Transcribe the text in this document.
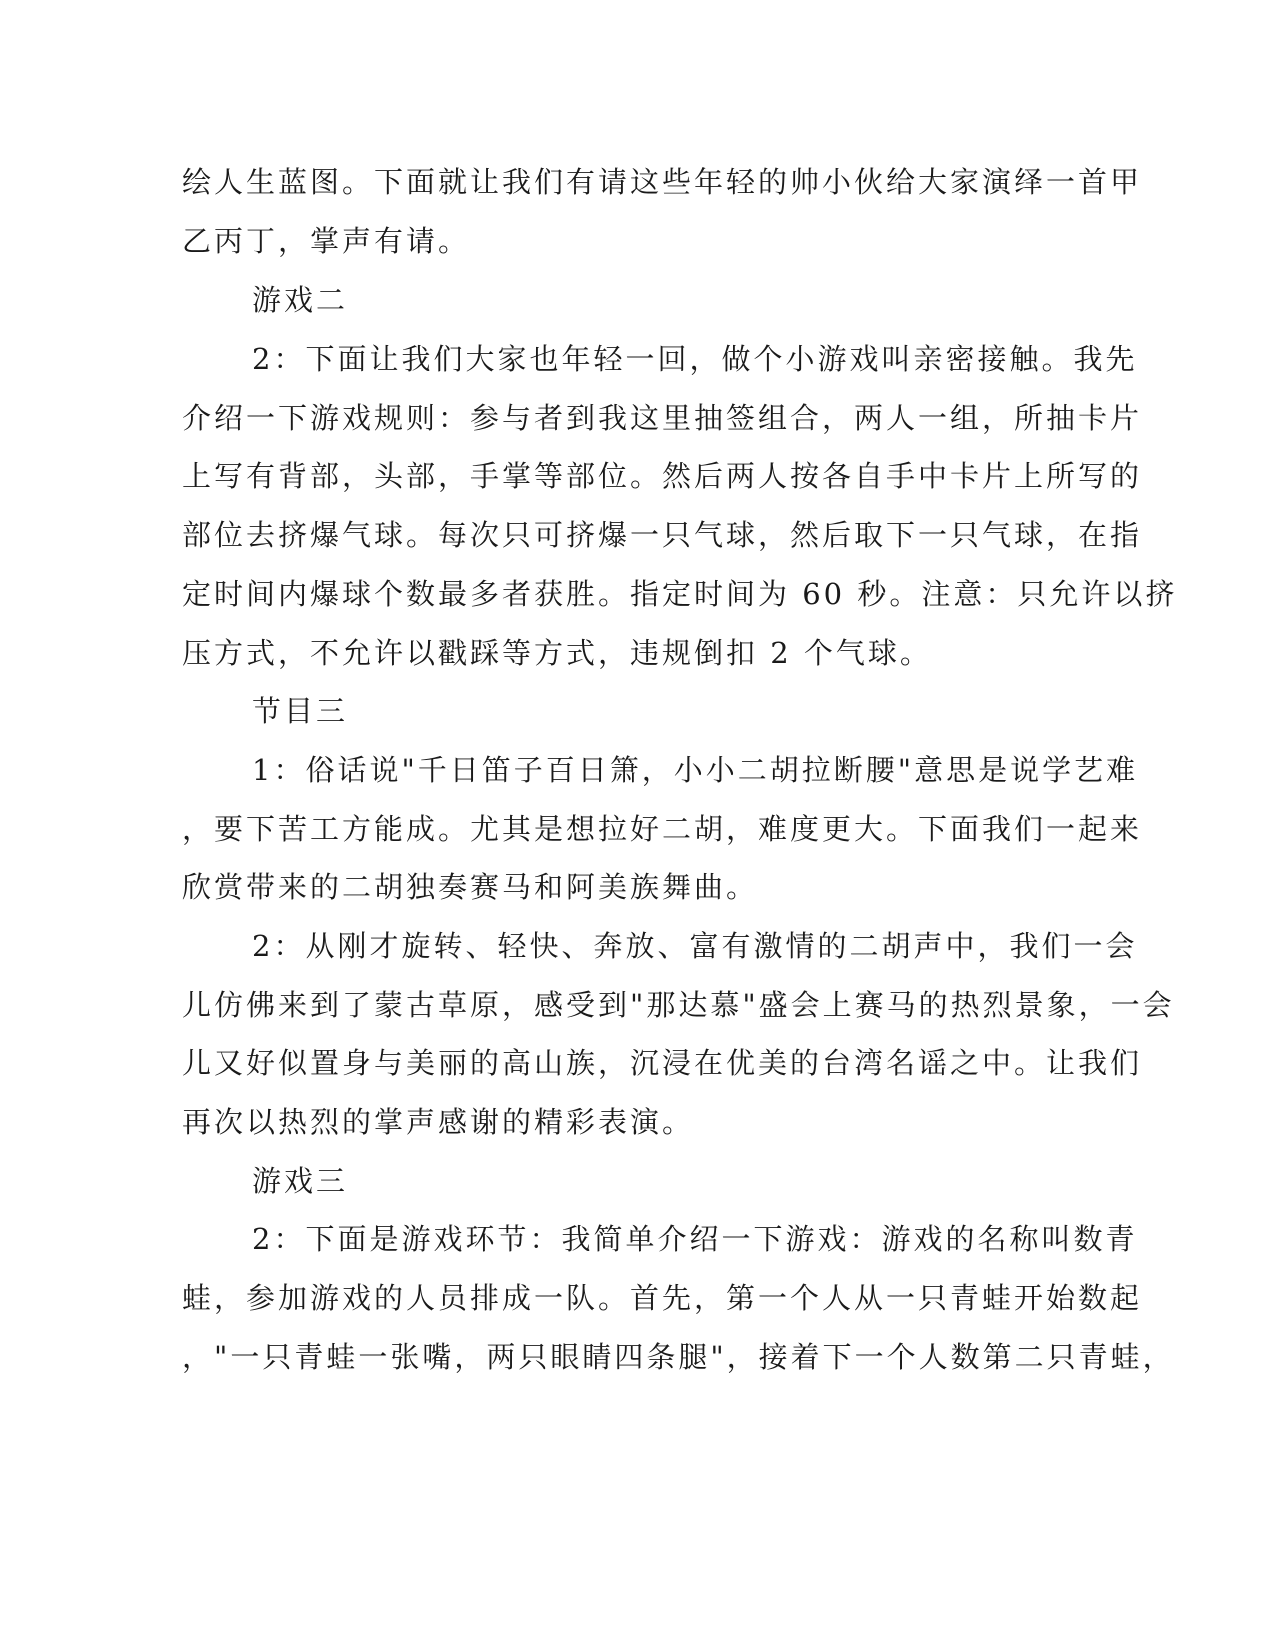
绘人生蓝图。下面就让我们有请这些年轻的帅小伙给大家演绎一首甲
乙丙丁，掌声有请。
游戏二
2：下面让我们大家也年轻一回，做个小游戏叫亲密接触。我先
介绍一下游戏规则：参与者到我这里抽签组合，两人一组，所抽卡片
上写有背部，头部，手掌等部位。然后两人按各自手中卡片上所写的
部位去挤爆气球。每次只可挤爆一只气球，然后取下一只气球，在指
定时间内爆球个数最多者获胜。指定时间为 60 秒。注意：只允许以挤
压方式，不允许以戳踩等方式，违规倒扣 2 个气球。
节目三
1：俗话说"千日笛子百日箫，小小二胡拉断腰"意思是说学艺难
，要下苦工方能成。尤其是想拉好二胡，难度更大。下面我们一起来
欣赏带来的二胡独奏赛马和阿美族舞曲。
2：从刚才旋转、轻快、奔放、富有激情的二胡声中，我们一会
儿仿佛来到了蒙古草原，感受到"那达慕"盛会上赛马的热烈景象，一会
儿又好似置身与美丽的高山族，沉浸在优美的台湾名谣之中。让我们
再次以热烈的掌声感谢的精彩表演。
游戏三
2：下面是游戏环节：我简单介绍一下游戏：游戏的名称叫数青
蛙，参加游戏的人员排成一队。首先，第一个人从一只青蛙开始数起
，"一只青蛙一张嘴，两只眼睛四条腿"，接着下一个人数第二只青蛙，
